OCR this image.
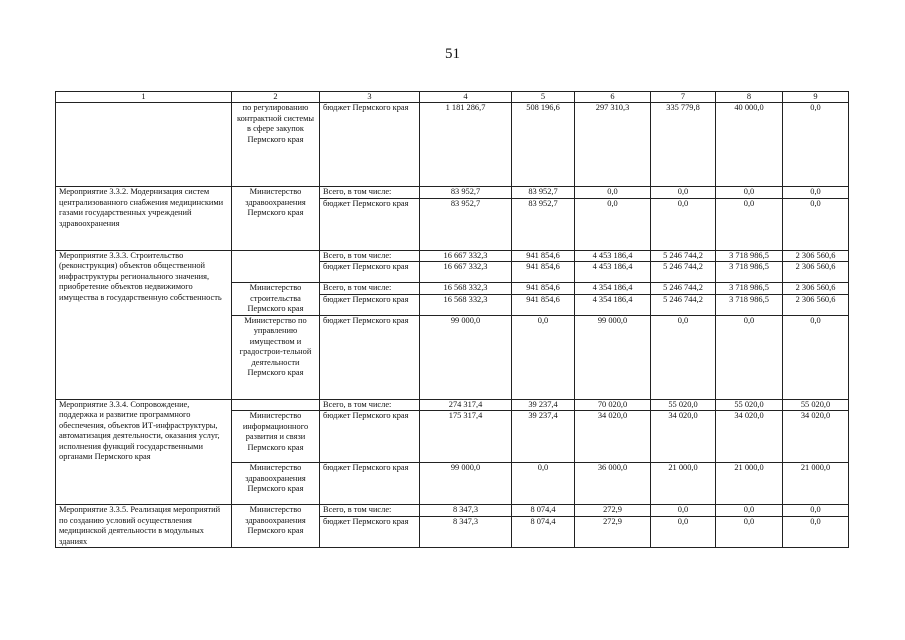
51
1	2	3	4	5	6	7	8	9
	по регулированию контрактной системы в сфере закупок Пермского края	бюджет Пермского края	1 181 286,7	508 196,6	297 310,3	335 779,8	40 000,0	0,0
Мероприятие 3.3.2. Модернизация систем централизованного снабжения медицинскими газами государственных учреждений здравоохранения	Министерство здравоохранения Пермского края	Всего, в том числе:	83 952,7	83 952,7	0,0	0,0	0,0	0,0
		бюджет Пермского края	83 952,7	83 952,7	0,0	0,0	0,0	0,0
Мероприятие 3.3.3. Строительство (реконструкция) объектов общественной инфраструктуры регионального значения, приобретение объектов недвижимого имущества в государственную собственность		Всего, в том числе:	16 667 332,3	941 854,6	4 453 186,4	5 246 744,2	3 718 986,5	2 306 560,6
		бюджет Пермского края	16 667 332,3	941 854,6	4 453 186,4	5 246 744,2	3 718 986,5	2 306 560,6
	Министерство строительства Пермского края	Всего, в том числе:	16 568 332,3	941 854,6	4 354 186,4	5 246 744,2	3 718 986,5	2 306 560,6
		бюджет Пермского края	16 568 332,3	941 854,6	4 354 186,4	5 246 744,2	3 718 986,5	2 306 560,6
	Министерство по управлению имуществом и градострои-тельной деятельности Пермского края	бюджет Пермского края	99 000,0	0,0	99 000,0	0,0	0,0	0,0
Мероприятие 3.3.4. Сопровождение, поддержка и развитие программного обеспечения, объектов ИТ-инфраструктуры, автоматизация деятельности, оказания услуг, исполнения функций государственными органами Пермского края		Всего, в том числе:	274 317,4	39 237,4	70 020,0	55 020,0	55 020,0	55 020,0
	Министерство информационного развития и связи Пермского края	бюджет Пермского края	175 317,4	39 237,4	34 020,0	34 020,0	34 020,0	34 020,0
	Министерство здравоохранения Пермского края	бюджет Пермского края	99 000,0	0,0	36 000,0	21 000,0	21 000,0	21 000,0
Мероприятие 3.3.5. Реализация мероприятий по созданию условий осуществления медицинской деятельности в модульных зданиях	Министерство здравоохранения Пермского края	Всего, в том числе:	8 347,3	8 074,4	272,9	0,0	0,0	0,0
		бюджет Пермского края	8 347,3	8 074,4	272,9	0,0	0,0	0,0
